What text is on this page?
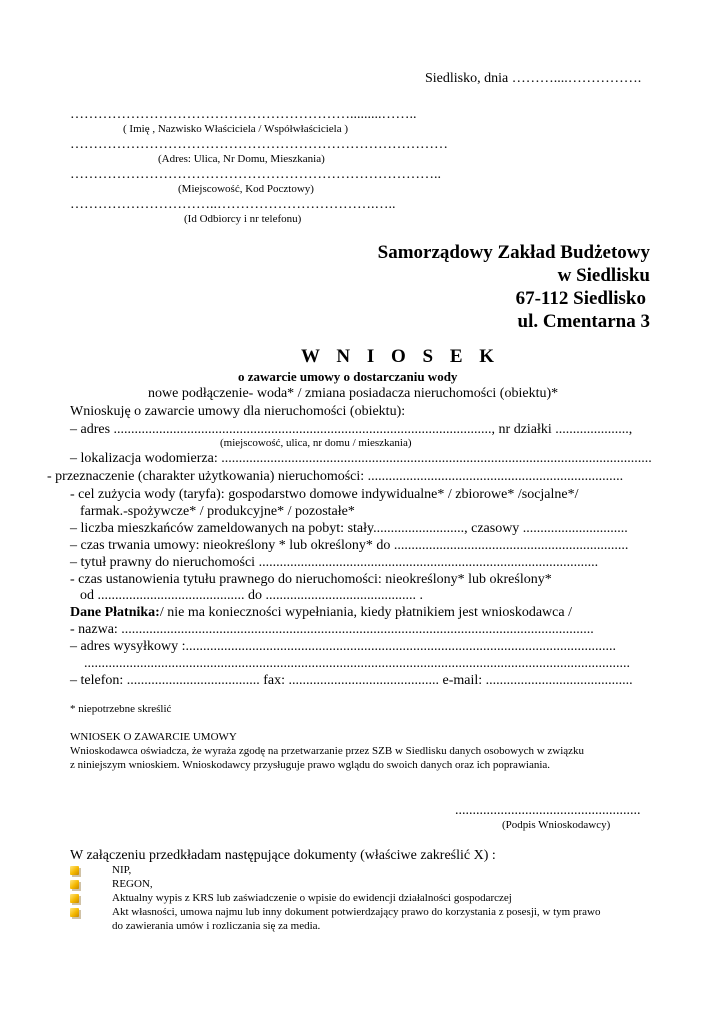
Siedlisko, dnia ………....…………….
…………………………………………………….........……..
( Imię , Nazwisko Właściciela / Współwłaściciela )
………………………………………………………………………
(Adres: Ulica, Nr Domu, Mieszkania)
……………………………………………………………………..
(Miejscowość, Kod Pocztowy)
…………………………..…………………………….…..
(Id Odbiorcy i nr telefonu)
Samorządowy Zakład Budżetowy
w Siedlisku
67-112 Siedlisko
ul. Cmentarna 3
W N I O S E K
o zawarcie umowy o dostarczaniu wody
nowe podłączenie- woda* / zmiana posiadacza nieruchomości (obiektu)*
Wnioskuję o zawarcie umowy dla nieruchomości (obiektu):
– adres ............................................................................................................, nr działki .....................,
(miejscowość, ulica, nr domu / mieszkania)
– lokalizacja wodomierza: ...........................................................................................................................
- przeznaczenie (charakter użytkowania) nieruchomości: .........................................................................
- cel zużycia wody (taryfa): gospodarstwo domowe indywidualne* / zbiorowe* /socjalne*/
farmak.-spożywcze* / produkcyjne* / pozostałe*
– liczba mieszkańców zameldowanych na pobyt: stały.........................., czasowy ..............................
– czas trwania umowy: nieokreślony * lub określony* do ...................................................................
– tytuł prawny do nieruchomości .................................................................................................
- czas ustanowienia tytułu prawnego do nieruchomości: nieokreślony* lub określony*
od .......................................... do ........................................... .
Dane Płatnika:/ nie ma konieczności wypełniania, kiedy płatnikiem jest wnioskodawca /
- nazwa: .......................................................................................................................................
– adres wysyłkowy :...........................................................................................................................
............................................................................................................................................................
– telefon: ...................................... fax: ........................................... e-mail: ..........................................
* niepotrzebne skreślić
WNIOSEK O ZAWARCIE UMOWY
Wnioskodawca oświadcza, że wyraża zgodę na przetwarzanie przez SZB w Siedlisku danych osobowych w związku
z niniejszym wnioskiem. Wnioskodawcy przysługuje prawo wglądu do swoich danych oraz ich poprawiania.
.....................................................
(Podpis Wnioskodawcy)
W załączeniu przedkładam następujące dokumenty (właściwe zakreślić X) :
NIP,
REGON,
Aktualny wypis z KRS lub zaświadczenie o wpisie do ewidencji działalności gospodarczej
Akt własności, umowa najmu lub inny dokument potwierdzający prawo do korzystania z posesji, w tym prawo
do zawierania umów i rozliczania się za media.
